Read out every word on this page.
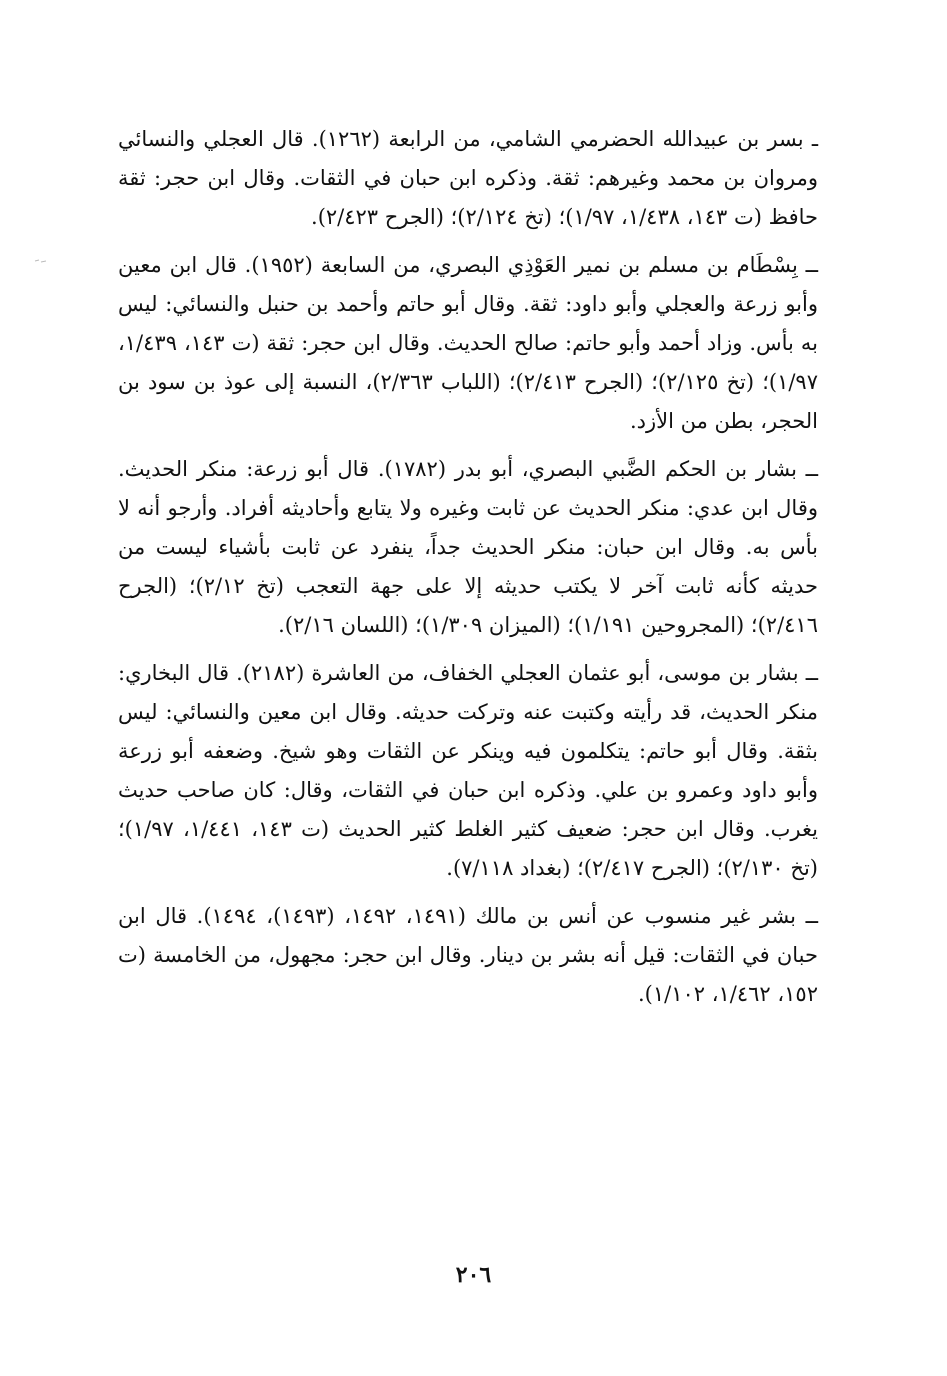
ـ بسر بن عبيدالله الحضرمي الشامي، من الرابعة (١٢٦٢). قال العجلي والنسائي ومروان بن محمد وغيرهم: ثقة. وذكره ابن حبان في الثقات. وقال ابن حجر: ثقة حافظ (ت ١٤٣، ١/٤٣٨، ١/٩٧)؛ (تخ ٢/١٢٤)؛ (الجرح ٢/٤٢٣).

ــ بِسْطَام بن مسلم بن نمير العَوْذِي البصري، من السابعة (١٩٥٢). قال ابن معين وأبو زرعة والعجلي وأبو داود: ثقة. وقال أبو حاتم وأحمد بن حنبل والنسائي: ليس به بأس. وزاد أحمد وأبو حاتم: صالح الحديث. وقال ابن حجر: ثقة (ت ١٤٣، ١/٤٣٩، ١/٩٧)؛ (تخ ٢/١٢٥)؛ (الجرح ٢/٤١٣)؛ (اللباب ٢/٣٦٣)، النسبة إلى عوذ بن سود بن الحجر، بطن من الأزد.

ــ بشار بن الحكم الضَّبي البصري، أبو بدر (١٧٨٢). قال أبو زرعة: منكر الحديث. وقال ابن عدي: منكر الحديث عن ثابت وغيره ولا يتابع وأحاديثه أفراد. وأرجو أنه لا بأس به. وقال ابن حبان: منكر الحديث جداً، ينفرد عن ثابت بأشياء ليست من حديثه كأنه ثابت آخر لا يكتب حديثه إلا على جهة التعجب (تخ ٢/١٢)؛ (الجرح ٢/٤١٦)؛ (المجروحين ١/١٩١)؛ (الميزان ١/٣٠٩)؛ (اللسان ٢/١٦).

ــ بشار بن موسى، أبو عثمان العجلي الخفاف، من العاشرة (٢١٨٢). قال البخاري: منكر الحديث، قد رأيته وكتبت عنه وتركت حديثه. وقال ابن معين والنسائي: ليس بثقة. وقال أبو حاتم: يتكلمون فيه وينكر عن الثقات وهو شيخ. وضعفه أبو زرعة وأبو داود وعمرو بن علي. وذكره ابن حبان في الثقات، وقال: كان صاحب حديث يغرب. وقال ابن حجر: ضعيف كثير الغلط كثير الحديث (ت ١٤٣، ١/٤٤١، ١/٩٧)؛ (تخ ٢/١٣٠)؛ (الجرح ٢/٤١٧)؛ (بغداد ٧/١١٨).

ــ بشر غير منسوب عن أنس بن مالك (١٤٩١، ١٤٩٢، (١٤٩٣)، ١٤٩٤). قال ابن حبان في الثقات: قيل أنه بشر بن دينار. وقال ابن حجر: مجهول، من الخامسة (ت ١٥٢، ١/٤٦٢، ١/١٠٢).

٢٠٦
